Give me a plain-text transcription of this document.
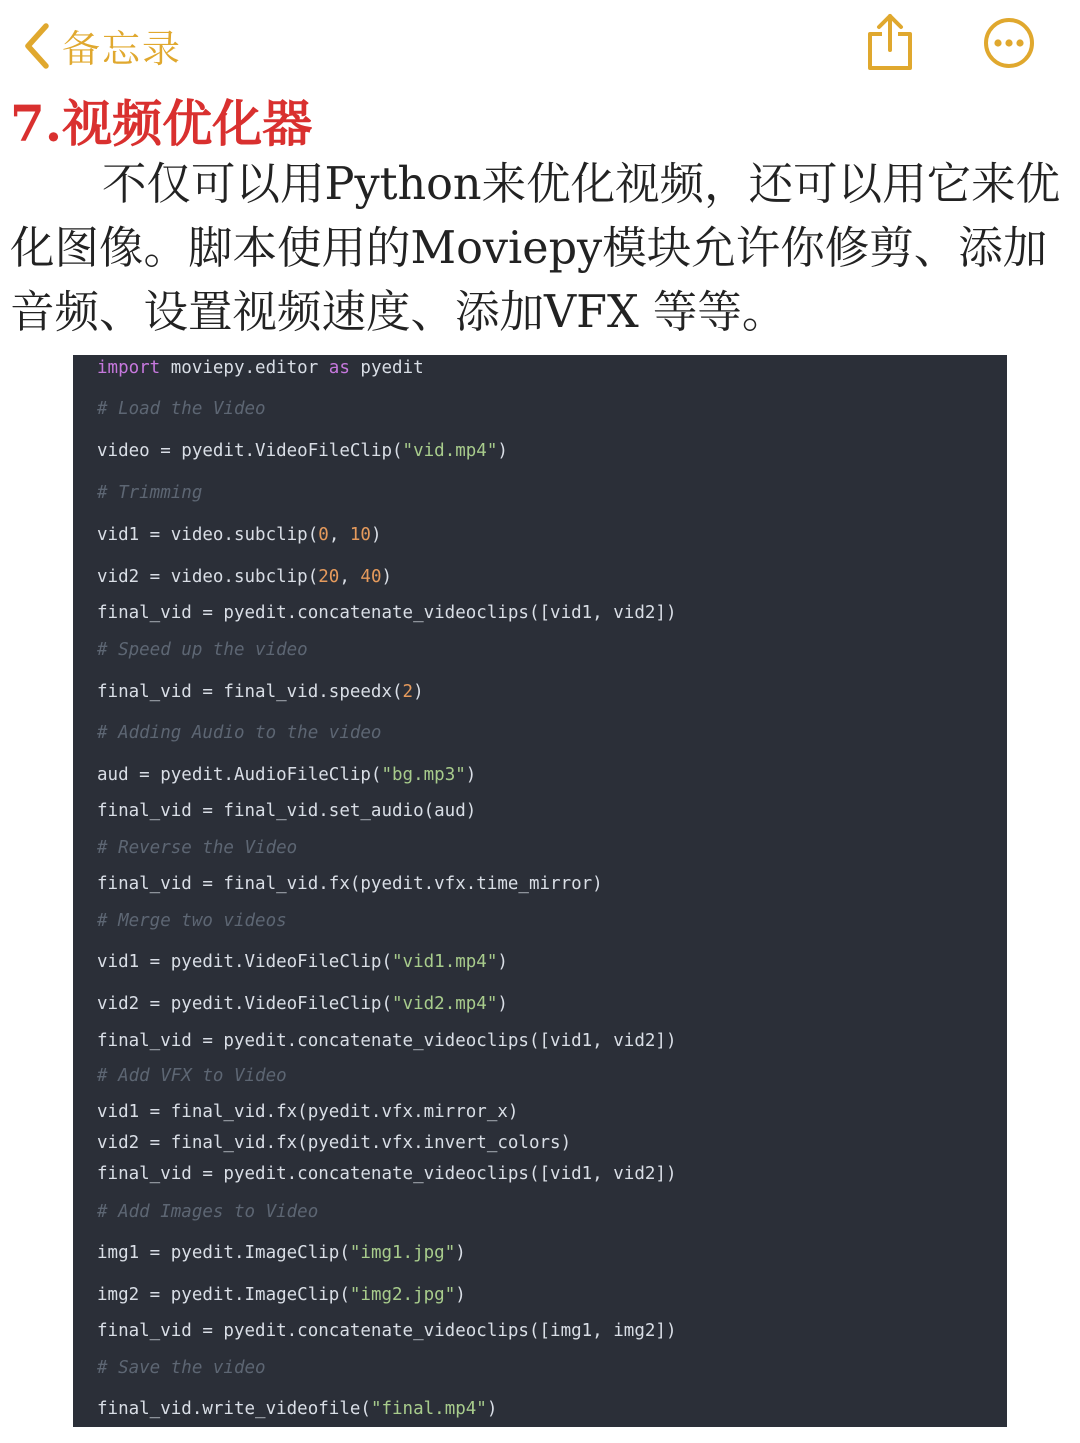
备忘录
7.视频优化器

不仅可以用Python来优化视频，还可以用它来优化图像。脚本使用的Moviepy模块允许你修剪、添加音频、设置视频速度、添加VFX 等等。

import moviepy.editor as pyedit
# Load the Video
video = pyedit.VideoFileClip("vid.mp4")
# Trimming
vid1 = video.subclip(0, 10)
vid2 = video.subclip(20, 40)
final_vid = pyedit.concatenate_videoclips([vid1, vid2])
# Speed up the video
final_vid = final_vid.speedx(2)
# Adding Audio to the video
aud = pyedit.AudioFileClip("bg.mp3")
final_vid = final_vid.set_audio(aud)
# Reverse the Video
final_vid = final_vid.fx(pyedit.vfx.time_mirror)
# Merge two videos
vid1 = pyedit.VideoFileClip("vid1.mp4")
vid2 = pyedit.VideoFileClip("vid2.mp4")
final_vid = pyedit.concatenate_videoclips([vid1, vid2])
# Add VFX to Video
vid1 = final_vid.fx(pyedit.vfx.mirror_x)
vid2 = final_vid.fx(pyedit.vfx.invert_colors)
final_vid = pyedit.concatenate_videoclips([vid1, vid2])
# Add Images to Video
img1 = pyedit.ImageClip("img1.jpg")
img2 = pyedit.ImageClip("img2.jpg")
final_vid = pyedit.concatenate_videoclips([img1, img2])
# Save the video
final_vid.write_videofile("final.mp4")
